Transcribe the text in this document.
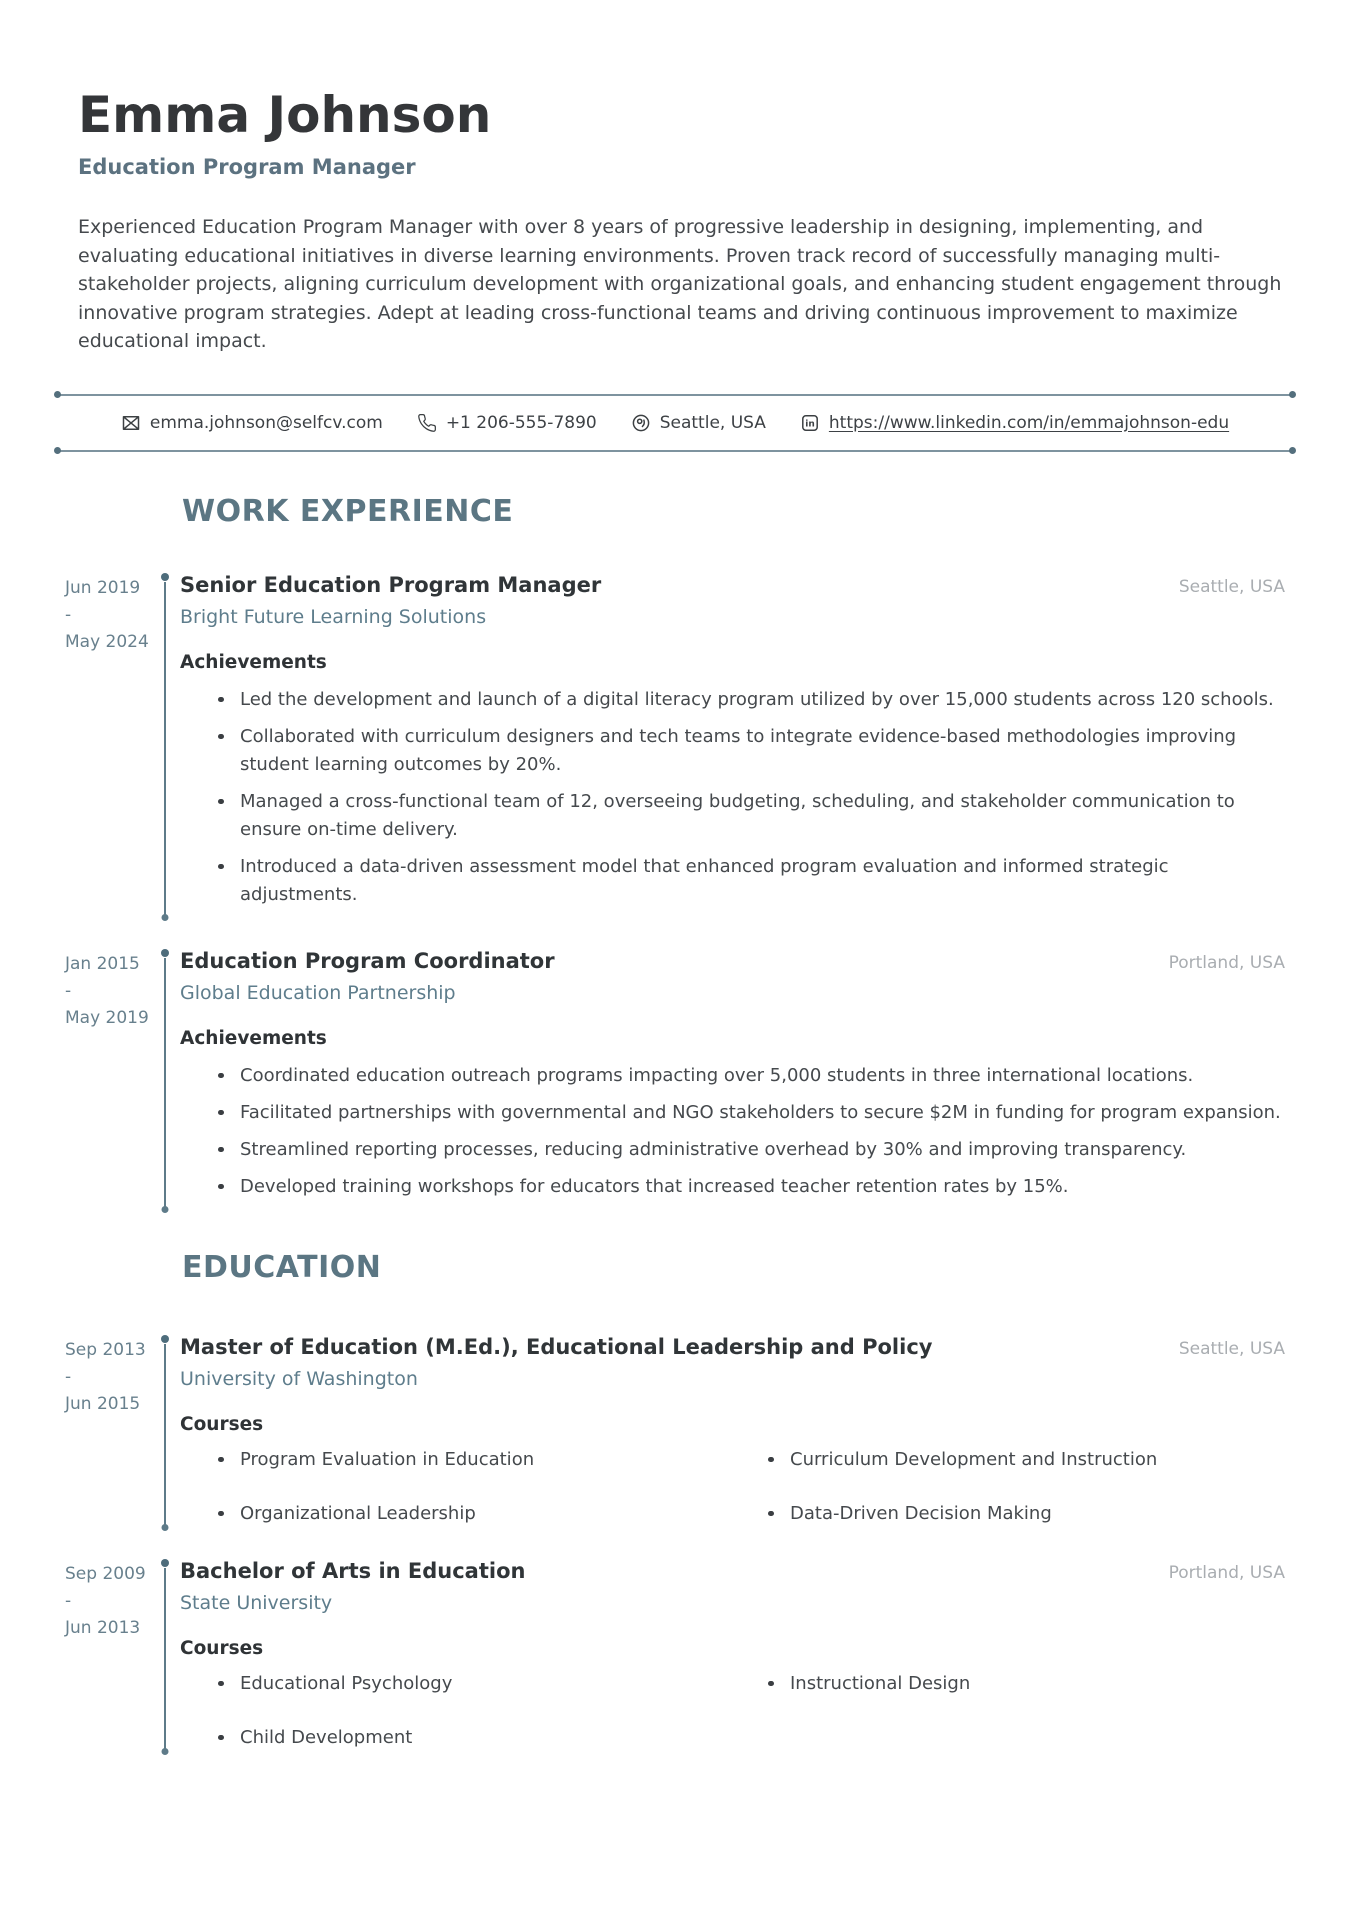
Emma Johnson
Education Program Manager

Experienced Education Program Manager with over 8 years of progressive leadership in designing, implementing, and evaluating educational initiatives in diverse learning environments. Proven track record of successfully managing multi-stakeholder projects, aligning curriculum development with organizational goals, and enhancing student engagement through innovative program strategies. Adept at leading cross-functional teams and driving continuous improvement to maximize educational impact.

emma.johnson@selfcv.com	+1 206-555-7890	Seattle, USA	in https://www.linkedin.com/in/emmajohnson-edu
WORK EXPERIENCE
Jun 2019
-
May 2024
Senior Education Program Manager	Seattle, USA
Bright Future Learning Solutions
Achievements
Led the development and launch of a digital literacy program utilized by over 15,000 students across 120 schools.
Collaborated with curriculum designers and tech teams to integrate evidence-based methodologies improving student learning outcomes by 20%.
Managed a cross-functional team of 12, overseeing budgeting, scheduling, and stakeholder communication to ensure on-time delivery.
Introduced a data-driven assessment model that enhanced program evaluation and informed strategic adjustments.
Jan 2015
-
May 2019
Education Program Coordinator	Portland, USA
Global Education Partnership
Achievements
Coordinated education outreach programs impacting over 5,000 students in three international locations.
Facilitated partnerships with governmental and NGO stakeholders to secure $2M in funding for program expansion.
Streamlined reporting processes, reducing administrative overhead by 30% and improving transparency.
Developed training workshops for educators that increased teacher retention rates by 15%.
EDUCATION
Sep 2013
-
Jun 2015
Master of Education (M.Ed.), Educational Leadership and Policy	Seattle, USA
University of Washington
Courses
Program Evaluation in Education	Curriculum Development and Instruction
Organizational Leadership	Data-Driven Decision Making
Sep 2009
-
Jun 2013
Bachelor of Arts in Education	Portland, USA
State University
Courses
Educational Psychology	Instructional Design
Child Development
